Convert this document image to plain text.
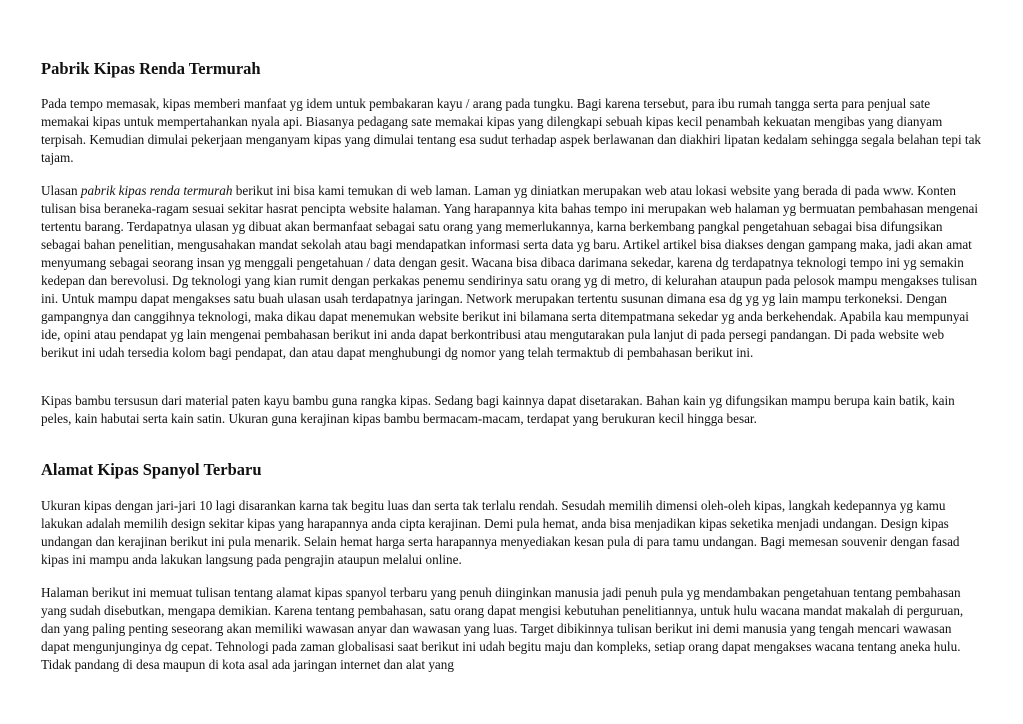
Pabrik Kipas Renda Termurah

Pada tempo memasak, kipas memberi manfaat yg idem untuk pembakaran kayu / arang pada tungku. Bagi karena tersebut, para ibu rumah tangga serta para penjual sate memakai kipas untuk mempertahankan nyala api. Biasanya pedagang sate memakai kipas yang dilengkapi sebuah kipas kecil penambah kekuatan mengibas yang dianyam terpisah. Kemudian dimulai pekerjaan menganyam kipas yang dimulai tentang esa sudut terhadap aspek berlawanan dan diakhiri lipatan kedalam sehingga segala belahan tepi tak tajam.

Ulasan pabrik kipas renda termurah berikut ini bisa kami temukan di web laman. Laman yg diniatkan merupakan web atau lokasi website yang berada di pada www. Konten tulisan bisa beraneka-ragam sesuai sekitar hasrat pencipta website halaman. Yang harapannya kita bahas tempo ini merupakan web halaman yg bermuatan pembahasan mengenai tertentu barang. Terdapatnya ulasan yg dibuat akan bermanfaat sebagai satu orang yang memerlukannya, karna berkembang pangkal pengetahuan sebagai bisa difungsikan sebagai bahan penelitian, mengusahakan mandat sekolah atau bagi mendapatkan informasi serta data yg baru. Artikel artikel bisa diakses dengan gampang maka, jadi akan amat menyumang sebagai seorang insan yg menggali pengetahuan / data dengan gesit. Wacana bisa dibaca darimana sekedar, karena dg terdapatnya teknologi tempo ini yg semakin kedepan dan berevolusi. Dg teknologi yang kian rumit dengan perkakas penemu sendirinya satu orang yg di metro, di kelurahan ataupun pada pelosok mampu mengakses tulisan ini. Untuk mampu dapat mengakses satu buah ulasan usah terdapatnya jaringan. Network merupakan tertentu susunan dimana esa dg yg yg lain mampu terkoneksi. Dengan gampangnya dan canggihnya teknologi, maka dikau dapat menemukan website berikut ini bilamana serta ditempatmana sekedar yg anda berkehendak. Apabila kau mempunyai ide, opini atau pendapat yg lain mengenai pembahasan berikut ini anda dapat berkontribusi atau mengutarakan pula lanjut di pada persegi pandangan. Di pada website web berikut ini udah tersedia kolom bagi pendapat, dan atau dapat menghubungi dg nomor yang telah termaktub di pembahasan berikut ini.

Kipas bambu tersusun dari material paten kayu bambu guna rangka kipas. Sedang bagi kainnya dapat disetarakan. Bahan kain yg difungsikan mampu berupa kain batik, kain peles, kain habutai serta kain satin. Ukuran guna kerajinan kipas bambu bermacam-macam, terdapat yang berukuran kecil hingga besar.

Alamat Kipas Spanyol Terbaru

Ukuran kipas dengan jari-jari 10 lagi disarankan karna tak begitu luas dan serta tak terlalu rendah. Sesudah memilih dimensi oleh-oleh kipas, langkah kedepannya yg kamu lakukan adalah memilih design sekitar kipas yang harapannya anda cipta kerajinan. Demi pula hemat, anda bisa menjadikan kipas seketika menjadi undangan. Design kipas undangan dan kerajinan berikut ini pula menarik. Selain hemat harga serta harapannya menyediakan kesan pula di para tamu undangan. Bagi memesan souvenir dengan fasad kipas ini mampu anda lakukan langsung pada pengrajin ataupun melalui online.

Halaman berikut ini memuat tulisan tentang alamat kipas spanyol terbaru yang penuh diinginkan manusia jadi penuh pula yg mendambakan pengetahuan tentang pembahasan yang sudah disebutkan, mengapa demikian. Karena tentang pembahasan, satu orang dapat mengisi kebutuhan penelitiannya, untuk hulu wacana mandat makalah di perguruan, dan yang paling penting seseorang akan memiliki wawasan anyar dan wawasan yang luas. Target dibikinnya tulisan berikut ini demi manusia yang tengah mencari wawasan dapat mengunjunginya dg cepat. Tehnologi pada zaman globalisasi saat berikut ini udah begitu maju dan kompleks, setiap orang dapat mengakses wacana tentang aneka hulu. Tidak pandang di desa maupun di kota asal ada jaringan internet dan alat yang
